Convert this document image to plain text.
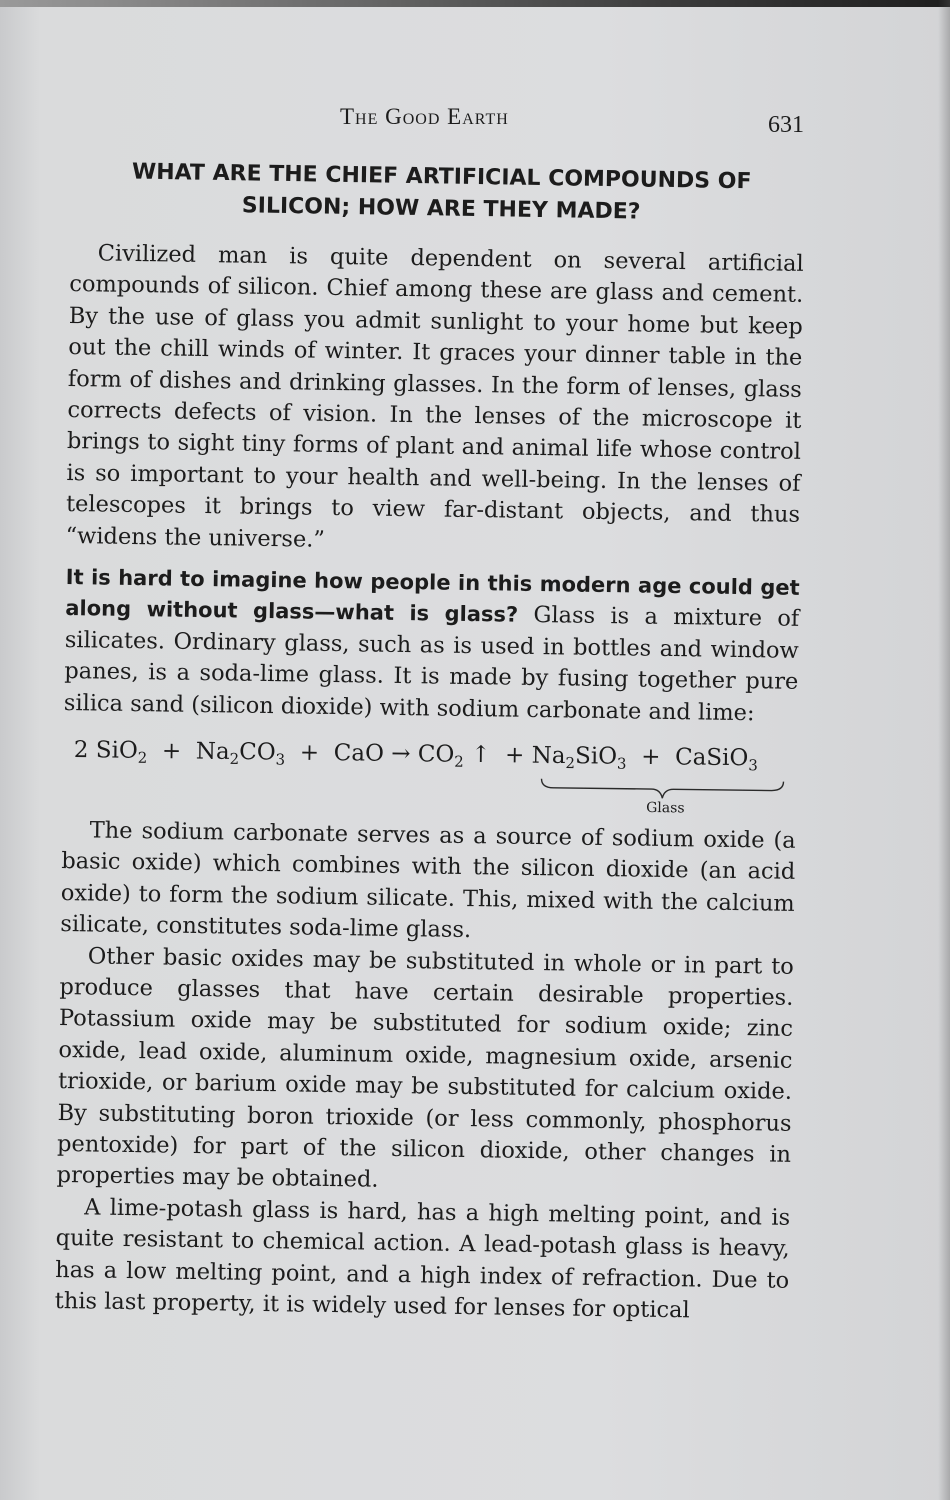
The Good Earth	631
WHAT ARE THE CHIEF ARTIFICIAL COMPOUNDS OF SILICON; HOW ARE THEY MADE?

Civilized man is quite dependent on several artificial compounds of silicon. Chief among these are glass and cement. By the use of glass you admit sunlight to your home but keep out the chill winds of winter. It graces your dinner table in the form of dishes and drinking glasses. In the form of lenses, glass corrects defects of vision. In the lenses of the microscope it brings to sight tiny forms of plant and animal life whose control is so important to your health and well-being. In the lenses of telescopes it brings to view far-distant objects, and thus “widens the universe.”

It is hard to imagine how people in this modern age could get along without glass—what is glass? Glass is a mixture of silicates. Ordinary glass, such as is used in bottles and window panes, is a soda-lime glass. It is made by fusing together pure silica sand (silicon dioxide) with sodium carbonate and lime:

2 $SiO_2 + Na_2CO_3$ + CaO → $CO_2$ ↑ + $Na_2SiO_3$ + CaSiO$_3$
Glass

The sodium carbonate serves as a source of sodium oxide (a basic oxide) which combines with the silicon dioxide (an acid oxide) to form the sodium silicate. This, mixed with the calcium silicate, constitutes soda-lime glass.

Other basic oxides may be substituted in whole or in part to produce glasses that have certain desirable properties. Potassium oxide may be substituted for sodium oxide; zinc oxide, lead oxide, aluminum oxide, magnesium oxide, arsenic trioxide, or barium oxide may be substituted for calcium oxide. By substituting boron trioxide (or less commonly, phosphorus pentoxide) for part of the silicon dioxide, other changes in properties may be obtained.

A lime-potash glass is hard, has a high melting point, and is quite resistant to chemical action. A lead-potash glass is heavy, has a low melting point, and a high index of refraction. Due to this last property, it is widely used for lenses for optical
